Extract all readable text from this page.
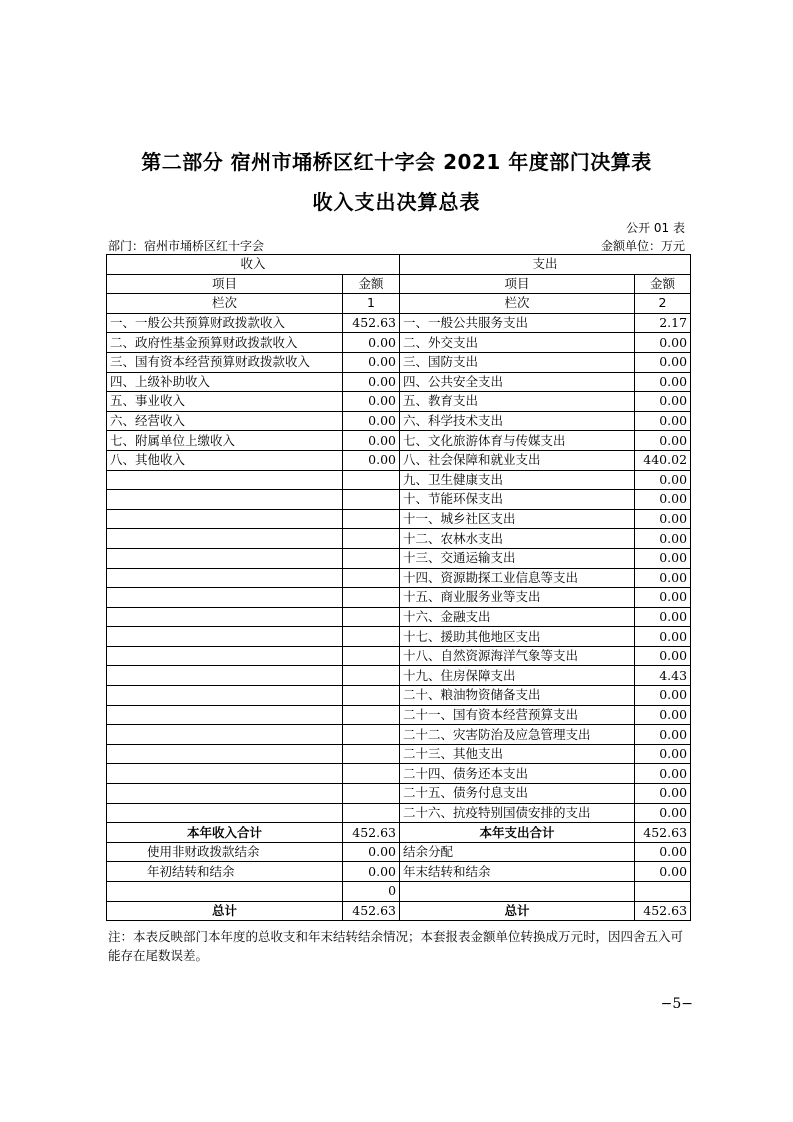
第二部分 宿州市埇桥区红十字会 2021 年度部门决算表
收入支出决算总表
公开 01 表
部门：宿州市埇桥区红十字会	金额单位：万元
收入		支出	
项目	金额	项目	金额
栏次	1	栏次	2
一、一般公共预算财政拨款收入	452.63	一、一般公共服务支出	2.17
二、政府性基金预算财政拨款收入	0.00	二、外交支出	0.00
三、国有资本经营预算财政拨款收入	0.00	三、国防支出	0.00
四、上级补助收入	0.00	四、公共安全支出	0.00
五、事业收入	0.00	五、教育支出	0.00
六、经营收入	0.00	六、科学技术支出	0.00
七、附属单位上缴收入	0.00	七、文化旅游体育与传媒支出	0.00
八、其他收入	0.00	八、社会保障和就业支出	440.02
		九、卫生健康支出	0.00
		十、节能环保支出	0.00
		十一、城乡社区支出	0.00
		十二、农林水支出	0.00
		十三、交通运输支出	0.00
		十四、资源勘探工业信息等支出	0.00
		十五、商业服务业等支出	0.00
		十六、金融支出	0.00
		十七、援助其他地区支出	0.00
		十八、自然资源海洋气象等支出	0.00
		十九、住房保障支出	4.43
		二十、粮油物资储备支出	0.00
		二十一、国有资本经营预算支出	0.00
		二十二、灾害防治及应急管理支出	0.00
		二十三、其他支出	0.00
		二十四、债务还本支出	0.00
		二十五、债务付息支出	0.00
		二十六、抗疫特别国债安排的支出	0.00
本年收入合计	452.63	本年支出合计	452.63
使用非财政拨款结余	0.00	结余分配	0.00
年初结转和结余	0.00	年末结转和结余	0.00
	0		
总计	452.63	总计	452.63
注：本表反映部门本年度的总收支和年末结转结余情况；本套报表金额单位转换成万元时，因四舍五入可能存在尾数误差。
−5−
